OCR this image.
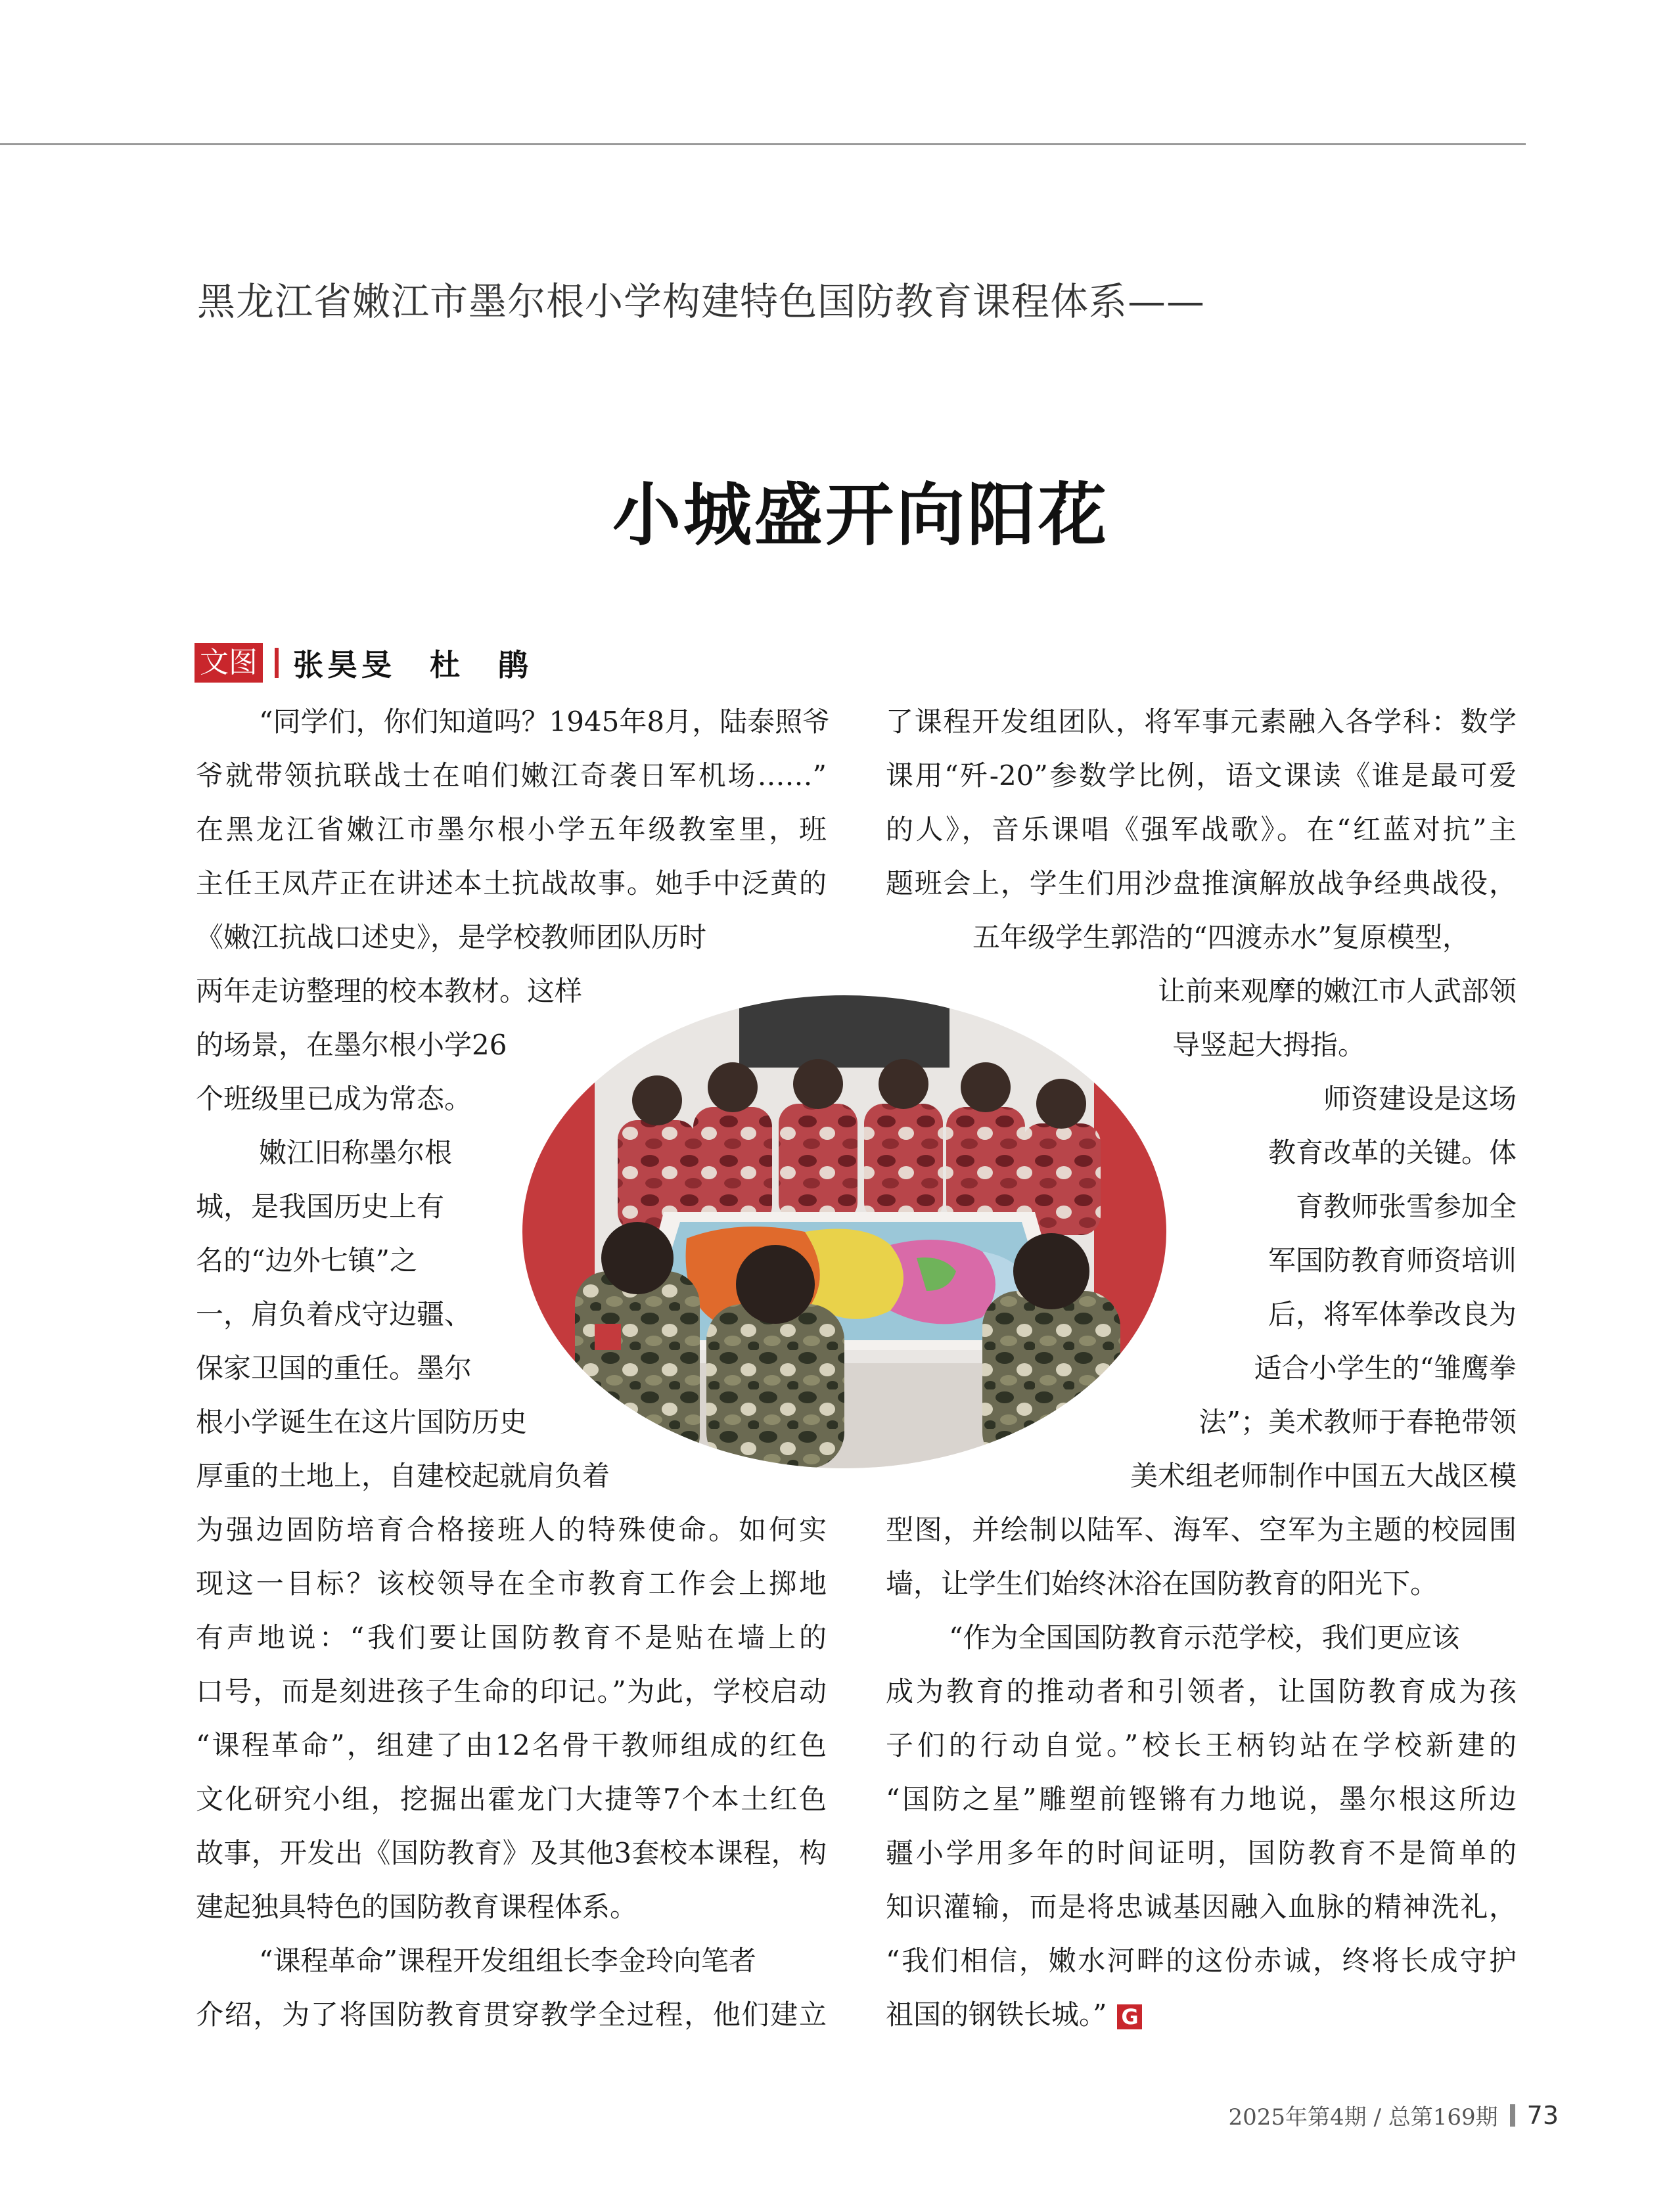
黑龙江省嫩江市墨尔根小学构建特色国防教育课程体系——
小城盛开向阳花
文图 张昊旻　杜　鹃
“同学们，你们知道吗？1945年8月，陆泰照爷
爷就带领抗联战士在咱们嫩江奇袭日军机场……”
在黑龙江省嫩江市墨尔根小学五年级教室里，班
主任王凤芹正在讲述本土抗战故事。她手中泛黄的
《嫩江抗战口述史》，是学校教师团队历时
两年走访整理的校本教材。这样
的场景，在墨尔根小学26
个班级里已成为常态。
嫩江旧称墨尔根
城，是我国历史上有
名的“边外七镇”之
一，肩负着戍守边疆、
保家卫国的重任。墨尔
根小学诞生在这片国防历史
厚重的土地上，自建校起就肩负着
为强边固防培育合格接班人的特殊使命。如何实
现这一目标？该校领导在全市教育工作会上掷地
有声地说：“我们要让国防教育不是贴在墙上的
口号，而是刻进孩子生命的印记。”为此，学校启动
“课程革命”，组建了由12名骨干教师组成的红色
文化研究小组，挖掘出霍龙门大捷等7个本土红色
故事，开发出《国防教育》及其他3套校本课程，构
建起独具特色的国防教育课程体系。
“课程革命”课程开发组组长李金玲向笔者
介绍，为了将国防教育贯穿教学全过程，他们建立
了课程开发组团队，将军事元素融入各学科：数学
课用“歼-20”参数学比例，语文课读《谁是最可爱
的人》，音乐课唱《强军战歌》。在“红蓝对抗”主
题班会上，学生们用沙盘推演解放战争经典战役，
五年级学生郭浩的“四渡赤水”复原模型，
让前来观摩的嫩江市人武部领
导竖起大拇指。
师资建设是这场
教育改革的关键。体
育教师张雪参加全
军国防教育师资培训
后，将军体拳改良为
适合小学生的“雏鹰拳
法”；美术教师于春艳带领
美术组老师制作中国五大战区模
型图，并绘制以陆军、海军、空军为主题的校园围
墙，让学生们始终沐浴在国防教育的阳光下。
“作为全国国防教育示范学校，我们更应该
成为教育的推动者和引领者，让国防教育成为孩
子们的行动自觉。”校长王柄钧站在学校新建的
“国防之星”雕塑前铿锵有力地说，墨尔根这所边
疆小学用多年的时间证明，国防教育不是简单的
知识灌输，而是将忠诚基因融入血脉的精神洗礼，
“我们相信，嫩水河畔的这份赤诚，终将长成守护
祖国的钢铁长城。” G
2025年第4期 / 总第169期 73
